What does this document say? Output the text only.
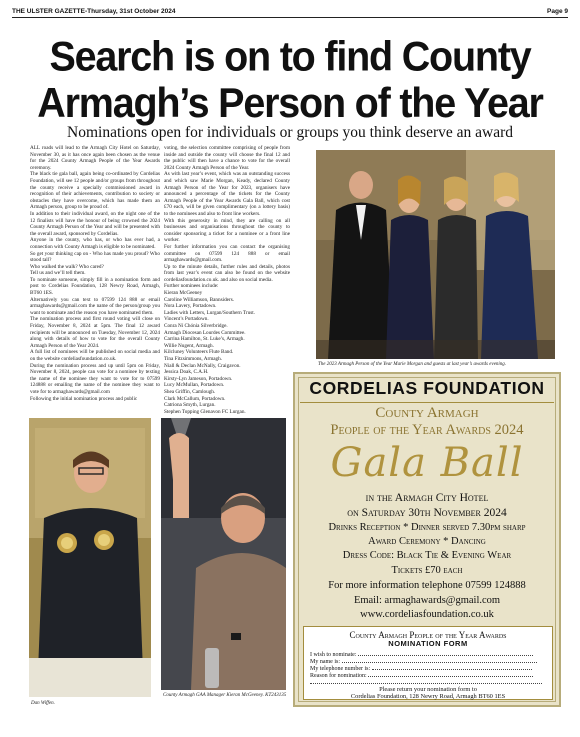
THE ULSTER GAZETTE-Thursday, 31st October 2024	Page 9
Search is on to find County
Armagh’s Person of the Year
Nominations open for individuals or groups you think deserve an award

ALL roads will lead to the Armagh City Hotel on Saturday, November 30, as it has once again been chosen as the venue for the 2024 County Armagh People of the Year Awards ceremony.

The black tie gala ball, again being co-ordinated by Cordelias Foundation, will see 12 people and/or groups from throughout the county receive a specially commissioned award in recognition of their achievements, contribution to society or obstacles they have overcome, which has made them an Armagh person, group to be proud of.

In addition to their individual award, on the night one of the 12 finalists will have the honour of being crowned the 2024 County Armagh Person of the Year and will be presented with the overall award, sponsored by Cordelias.

Anyone in the county, who has, or who has ever had, a connection with County Armagh is eligible to be nominated.

So get your thinking cap on - Who has made you proud? Who stood tall?

Who walked the walk? Who cared?

Tell us and we’ll tell them.

To nominate someone, simply fill in a nomination form and post to Cordelias Foundation, 128 Newry Road, Armagh, BT60 1ES.

Alternatively you can text to 07599 124 888 or email armaghawards@gmail.com the name of the person/group you want to nominate and the reason you have nominated them.

The nomination process and first round voting will close on Friday, November 8, 2024 at 5pm. The final 12 award recipients will be announced on Tuesday, November 12, 2024 along with details of how to vote for the overall County Armagh Person of the Year 2024.

A full list of nominees will be published on social media and on the website cordeliasfoundation.co.uk.

During the nomination process and up until 5pm on Friday, November 8, 2024, people can vote for a nominee by texting the name of the nominee they want to vote for to 07599 124888 or emailing the name of the nominee they want to vote for to armaghawards@gmail.com

Following the initial nomination process and public

voting, the selection committee comprising of people from inside and outside the county will choose the final 12 and the public will then have a chance to vote for the overall 2024 County Armagh Person of the Year.

As with last year’s event, which was an outstanding success and which saw Marie Morgan, Keady, declared County Armagh Person of the Year for 2023, organisers have announced a percentage of the tickets for the County Armagh People of the Year Awards Gala Ball, which cost £70 each, will be given complimentary (on a lottery basis) to the nominees and also to front line workers.

With this generosity in mind, they are calling on all businesses and organisations throughout the county to consider sponsoring a ticket for a nominee or a front line worker.

For further information you can contact the organising committee on 07599 124 888 or email armaghawards@gmail.com.

Up to the minute details, further rules and details, photos from last year’s event can also be found on the website cordeliasfoundation.co.uk. and also on social media.

Further nominees include:

Kieran McGeeney

Caroline Williamson, Bannsiders.

Nora Lavery, Portadown.

Ladies with Letters, Lurgan/Southern Trust.

Vincent’s Portadown.

Conra Ní Chónia Silverbridge.

Armagh Diocesan Lourdes Committee.

Carrina Hamilton, St. Luke’s, Armagh.

Willie Nugent, Armagh.

Kilcluney Volunteers Flute Band.

Tina Fitzsimmons, Armagh.

Niall & Declan McNally, Craigavon.

Jessica Doak, C.A.H.

Kirsty-Lyn Jameson, Portadown.

Lucy McMullan, Portadown.

Shea Griffin, Camlough.

Clark McCallum, Portadown.

Catriona Smyth, Lurgan.

Stephen Topping Glenavon FC Lurgan.

The 2023 Armagh Person of the Year Marie Morgan and guests at last year’s awards evening.
Dan Wiffen.
County Armagh GAA Manager Kieran McGeeney. KT243135
CORDELIAS FOUNDATION
County Armagh
People of the Year Awards 2024
Gala Ball
in the Armagh City Hotel
on Saturday 30th November 2024
Drinks Reception * Dinner served 7.30pm sharp
Award Ceremony * Dancing
Dress Code: Black Tie & Evening Wear
Tickets £70 each
For more information telephone 07599 124888
Email: armaghawards@gmail.com
www.cordeliasfoundation.co.uk
County Armagh People of the Year Awards
NOMINATION FORM
I wish to nominate:
My name is:
My telephone number is:
Reason for nomination:
Please return your nomination form to
Cordelias Foundation, 128 Newry Road, Armagh BT60 1ES
